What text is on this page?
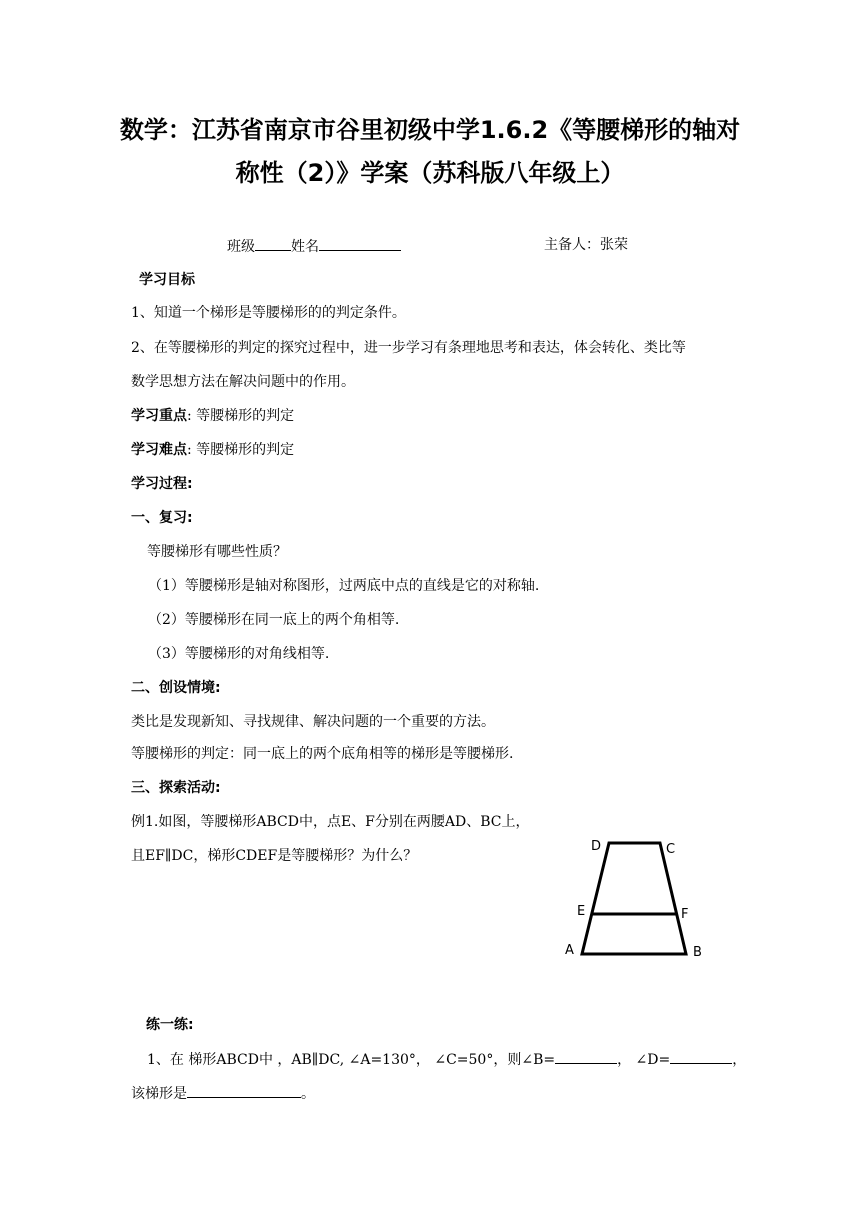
数学：江苏省南京市谷里初级中学1.6.2《等腰梯形的轴对
称性（2）》学案（苏科版八年级上）
班级	姓名	主备人：张荣
学习目标
1、知道一个梯形是等腰梯形的的判定条件。
2、在等腰梯形的判定的探究过程中，进一步学习有条理地思考和表达，体会转化、类比等
数学思想方法在解决问题中的作用。
学习重点: 等腰梯形的判定
学习难点: 等腰梯形的判定
学习过程:
一、复习:
等腰梯形有哪些性质？
（1）等腰梯形是轴对称图形，过两底中点的直线是它的对称轴.
（2）等腰梯形在同一底上的两个角相等.
（3）等腰梯形的对角线相等.
二、创设情境:
类比是发现新知、寻找规律、解决问题的一个重要的方法。
等腰梯形的判定：同一底上的两个底角相等的梯形是等腰梯形.
三、探索活动:
例1.如图，等腰梯形ABCD中，点E、F分别在两腰AD、BC上，
且EF∥DC，梯形CDEF是等腰梯形？为什么？
D	C
E	F
A	B
练一练:
1、在 梯形ABCD中 ，AB∥DC, ∠A=130°， ∠C=50°，则∠B=	， ∠D=	，
该梯形是	。
